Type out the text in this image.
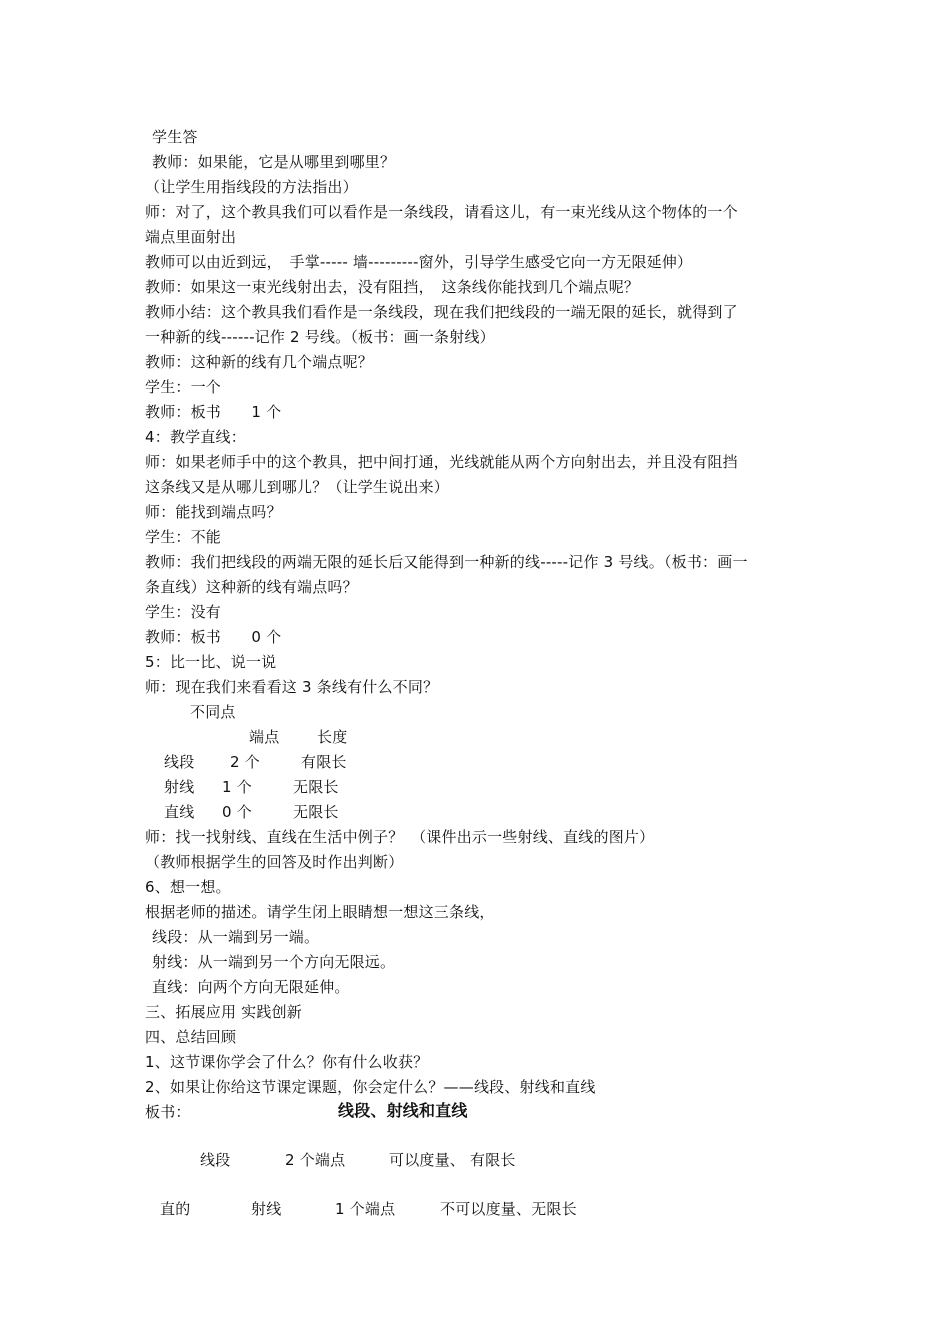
学生答
教师：如果能，它是从哪里到哪里？
（让学生用指线段的方法指出）
师：对了，这个教具我们可以看作是一条线段，请看这儿，有一束光线从这个物体的一个
端点里面射出
教师可以由近到远，　手掌----- 墙---------窗外，引导学生感受它向一方无限延伸）
教师：如果这一束光线射出去，没有阻挡，　这条线你能找到几个端点呢？
教师小结：这个教具我们看作是一条线段，现在我们把线段的一端无限的延长，就得到了
一种新的线------记作 2 号线。（板书：画一条射线）
教师：这种新的线有几个端点呢？
学生：一个
教师：板书　　1 个
4：教学直线：
师：如果老师手中的这个教具，把中间打通，光线就能从两个方向射出去，并且没有阻挡
这条线又是从哪儿到哪儿？（让学生说出来）
师：能找到端点吗？
学生：不能
教师：我们把线段的两端无限的延长后又能得到一种新的线-----记作 3 号线。（板书：画一
条直线）这种新的线有端点吗？
学生：没有
教师：板书　　0 个
5：比一比、说一说
师：现在我们来看看这 3 条线有什么不同？
不同点
端点	长度
线段 2 个	有限长
射线 1 个	无限长
直线 0 个	无限长
师：找一找射线、直线在生活中例子？　（课件出示一些射线、直线的图片）
（教师根据学生的回答及时作出判断）
6、想一想。
根据老师的描述。请学生闭上眼睛想一想这三条线，
线段：从一端到另一端。
射线：从一端到另一个方向无限远。
直线：向两个方向无限延伸。
三、拓展应用 实践创新
四、总结回顾
1、这节课你学会了什么？你有什么收获？
2、如果让你给这节课定课题，你会定什么？——线段、射线和直线
板书：	线段、射线和直线
线段	2 个端点	可以度量、 有限长
直的	射线	1 个端点	不可以度量、无限长
